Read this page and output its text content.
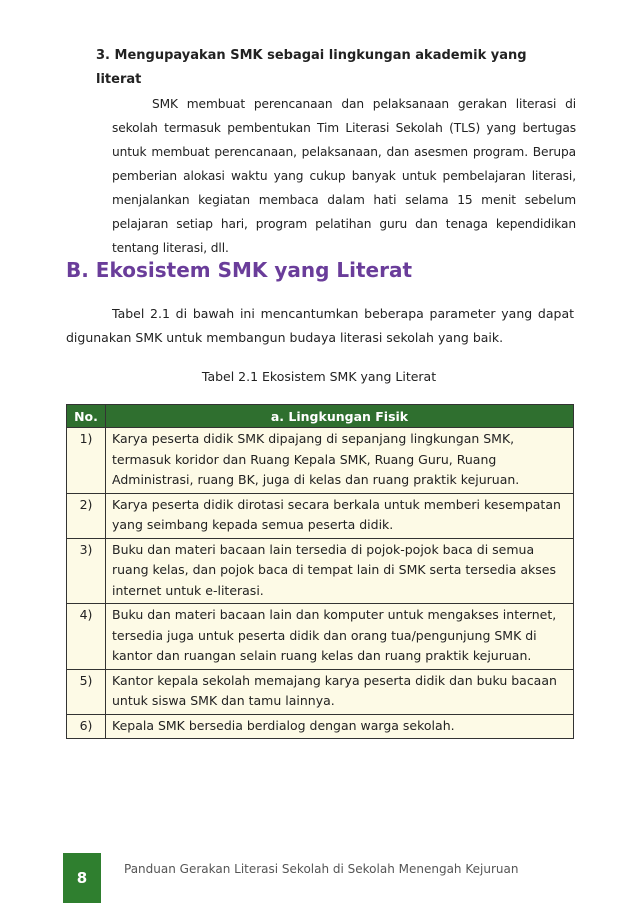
3. Mengupayakan SMK sebagai lingkungan akademik yang literat

SMK membuat perencanaan dan pelaksanaan gerakan literasi di sekolah termasuk pembentukan Tim Literasi Sekolah (TLS) yang bertugas untuk membuat perencanaan, pelaksanaan, dan asesmen program. Berupa pemberian alokasi waktu yang cukup banyak untuk pembelajaran literasi, menjalankan kegiatan membaca dalam hati selama 15 menit sebelum pelajaran setiap hari, program pelatihan guru dan tenaga kependidikan tentang literasi, dll.

B. Ekosistem SMK yang Literat

Tabel 2.1 di bawah ini mencantumkan beberapa parameter yang dapat digunakan SMK untuk membangun budaya literasi sekolah yang baik.

Tabel 2.1 Ekosistem SMK yang Literat

No.	a. Lingkungan Fisik
1)	Karya peserta didik SMK dipajang di sepanjang lingkungan SMK, termasuk koridor dan Ruang Kepala SMK, Ruang Guru, Ruang Administrasi, ruang BK, juga di kelas dan ruang praktik kejuruan.
2)	Karya peserta didik dirotasi secara berkala untuk memberi kesempatan yang seimbang kepada semua peserta didik.
3)	Buku dan materi bacaan lain tersedia di pojok-pojok baca di semua ruang kelas, dan pojok baca di tempat lain di SMK serta tersedia akses internet untuk e-literasi.
4)	Buku dan materi bacaan lain dan komputer untuk mengakses internet, tersedia juga untuk peserta didik dan orang tua/pengunjung SMK di kantor dan ruangan selain ruang kelas dan ruang praktik kejuruan.
5)	Kantor kepala sekolah memajang karya peserta didik dan buku bacaan untuk siswa SMK dan tamu lainnya.
6)	Kepala SMK bersedia berdialog dengan warga sekolah.
8	Panduan Gerakan Literasi Sekolah di Sekolah Menengah Kejuruan
